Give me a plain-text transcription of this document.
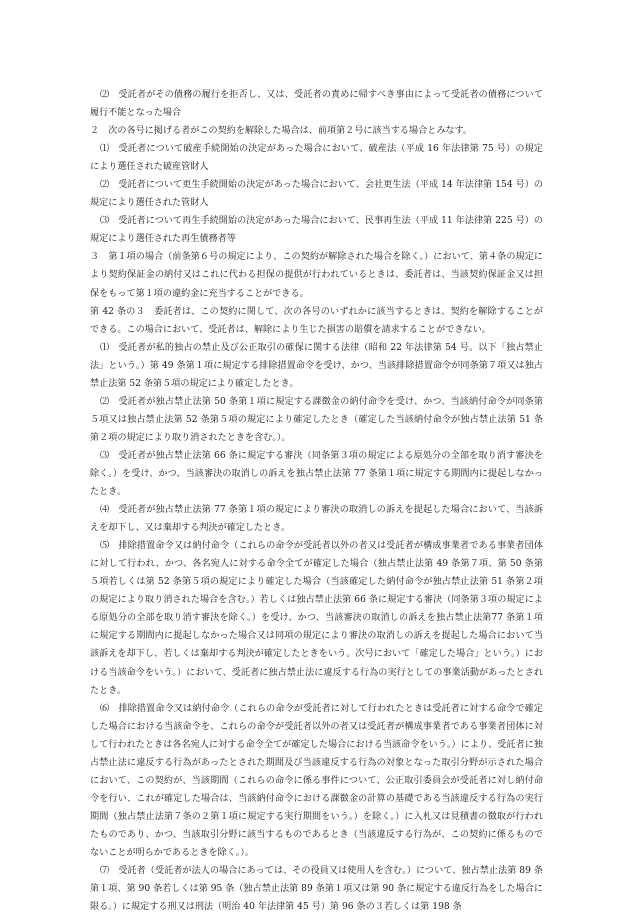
⑵　受託者がその債務の履行を拒否し、又は、受託者の責めに帰すべき事由によって受託者の債務について履行不能となった場合

２　次の各号に掲げる者がこの契約を解除した場合は、前項第２号に該当する場合とみなす。

⑴　受託者について破産手続開始の決定があった場合において、破産法（平成 16 年法律第 75 号）の規定により選任された破産管財人

⑵　受託者について更生手続開始の決定があった場合において、会社更生法（平成 14 年法律第 154 号）の規定により選任された管財人

⑶　受託者について再生手続開始の決定があった場合において、民事再生法（平成 11 年法律第 225 号）の規定により選任された再生債務者等

３　第１項の場合（前条第６号の規定により、この契約が解除された場合を除く。）において、第４条の規定により契約保証金の納付又はこれに代わる担保の提供が行われているときは、委託者は、当該契約保証金又は担保をもって第１項の違約金に充当することができる。

第 42 条の３　委託者は、この契約に関して、次の各号のいずれかに該当するときは、契約を解除することができる。この場合において、受託者は、解除により生じた損害の賠償を請求することができない。

⑴　受託者が私的独占の禁止及び公正取引の確保に関する法律（昭和 22 年法律第 54 号。以下「独占禁止法」という。）第 49 条第１項に規定する排除措置命令を受け、かつ、当該排除措置命令が同条第７項又は独占禁止法第 52 条第５項の規定により確定したとき。

⑵　受託者が独占禁止法第 50 条第１項に規定する課徴金の納付命令を受け、かつ、当該納付命令が同条第５項又は独占禁止法第 52 条第５項の規定により確定したとき（確定した当該納付命令が独占禁止法第 51 条第２項の規定により取り消されたときを含む。）。

⑶　受託者が独占禁止法第 66 条に規定する審決（同条第３項の規定による原処分の全部を取り消す審決を除く。）を受け、かつ、当該審決の取消しの訴えを独占禁止法第 77 条第１項に規定する期間内に提起しなかったとき。

⑷　受託者が独占禁止法第 77 条第１項の規定により審決の取消しの訴えを提起した場合において、当該訴えを却下し、又は棄却する判決が確定したとき。

⑸　排除措置命令又は納付命令（これらの命令が受託者以外の者又は受託者が構成事業者である事業者団体に対して行われ、かつ、各名宛人に対する命令全てが確定した場合（独占禁止法第 49 条第７項、第 50 条第５項若しくは第 52 条第５項の規定により確定した場合（当該確定した納付命令が独占禁止法第 51 条第２項の規定により取り消された場合を含む。）若しくは独占禁止法第 66 条に規定する審決（同条第３項の規定による原処分の全部を取り消す審決を除く。）を受け、かつ、当該審決の取消しの訴えを独占禁止法第77 条第１項に規定する期間内に提起しなかった場合又は同項の規定により審決の取消しの訴えを提起した場合において当該訴えを却下し、若しくは棄却する判決が確定したときをいう。次号において「確定した場合」という。）における当該命令をいう。）において、受託者に独占禁止法に違反する行為の実行としての事業活動があったとされたとき。

⑹　排除措置命令又は納付命令（これらの命令が受託者に対して行われたときは受託者に対する命令で確定した場合における当該命令を、これらの命令が受託者以外の者又は受託者が構成事業者である事業者団体に対して行われたときは各名宛人に対する命令全てが確定した場合における当該命令をいう。）により、受託者に独占禁止法に違反する行為があったとされた期間及び当該違反する行為の対象となった取引分野が示された場合において、この契約が、当該期間（これらの命令に係る事件について、公正取引委員会が受託者に対し納付命令を行い、これが確定した場合は、当該納付命令における課徴金の計算の基礎である当該違反する行為の実行期間（独占禁止法第７条の２第１項に規定する実行期間をいう。）を除く。）に入札又は見積書の徴取が行われたものであり、かつ、当該取引分野に該当するものであるとき（当該違反する行為が、この契約に係るものでないことが明らかであるときを除く。）。

⑺　受託者（受託者が法人の場合にあっては、その役員又は使用人を含む。）について、独占禁止法第 89 条第１項、第 90 条若しくは第 95 条（独占禁止法第 89 条第１項又は第 90 条に規定する違反行為をした場合に限る。）に規定する刑又は刑法（明治 40 年法律第 45 号）第 96 条の３若しくは第 198 条
